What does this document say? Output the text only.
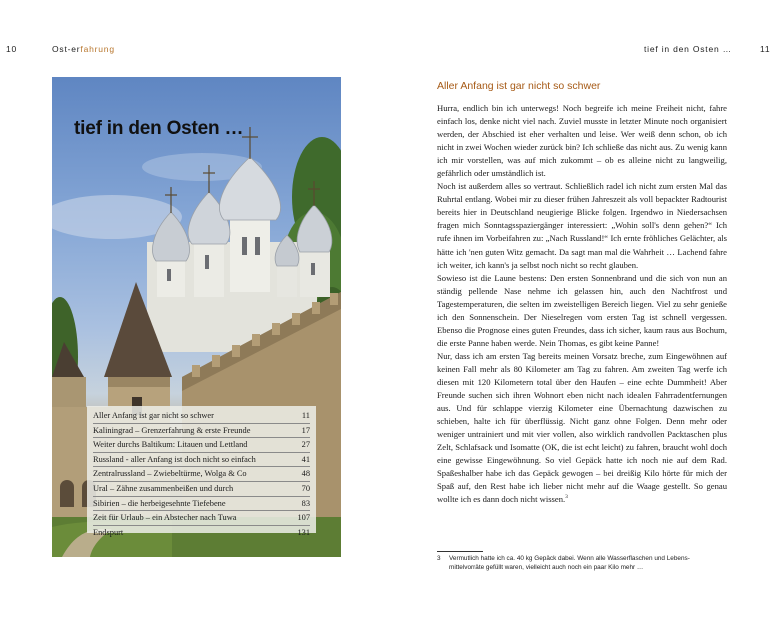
10	Ost-erfahrung	tief in den Osten …	11
tief in den Osten …
Aller Anfang ist gar nicht so schwer	11
Kaliningrad – Grenzerfahrung & erste Freunde	17
Weiter durchs Baltikum: Litauen und Lettland	27
Russland - aller Anfang ist doch nicht so einfach	41
Zentralrussland – Zwiebeltürme, Wolga & Co	48
Ural – Zähne zusammenbeißen und durch	70
Sibirien – die herbeigesehnte Tiefebene	83
Zeit für Urlaub – ein Abstecher nach Tuwa	107
Endspurt	131
Aller Anfang ist gar nicht so schwer

Hurra, endlich bin ich unterwegs! Noch begreife ich meine Freiheit nicht, fahre einfach los, denke nicht viel nach. Zuviel musste in letzter Minute noch organisiert werden, der Abschied ist eher verhalten und leise. Wer weiß denn schon, ob ich nicht in zwei Wochen wieder zurück bin? Ich schließe das nicht aus. Zu wenig kann ich mir vorstellen, was auf mich zukommt – ob es alleine nicht zu langweilig, gefährlich oder umständlich ist.

Noch ist außerdem alles so vertraut. Schließlich radel ich nicht zum ersten Mal das Ruhrtal entlang. Wobei mir zu dieser frühen Jahreszeit als voll bepackter Radtourist bereits hier in Deutschland neugierige Blicke folgen. Irgendwo in Niedersachsen fragen mich Sonntagsspaziergänger interessiert: „Wohin soll's denn gehen?“ Ich rufe ihnen im Vorbeifahren zu: „Nach Russland!“ Ich ernte fröhliches Gelächter, als hätte ich 'nen guten Witz gemacht. Da sagt man mal die Wahrheit … Lachend fahre ich weiter, ich kann's ja selbst noch nicht so recht glauben.

Sowieso ist die Laune bestens: Den ersten Sonnenbrand und die sich von nun an ständig pellende Nase nehme ich gelassen hin, auch den Nachtfrost und Tagestemperaturen, die selten im zweistelligen Bereich liegen. Viel zu sehr genieße ich den Sonnenschein. Der Nieselregen vom ersten Tag ist schnell vergessen. Ebenso die Prognose eines guten Freundes, dass ich sicher, kaum raus aus Bochum, die erste Panne haben werde. Nein Thomas, es gibt keine Panne!

Nur, dass ich am ersten Tag bereits meinen Vorsatz breche, zum Eingewöhnen auf keinen Fall mehr als 80 Kilometer am Tag zu fahren. Am zweiten Tag werfe ich diesen mit 120 Kilometern total über den Haufen – eine echte Dummheit! Aber Freunde suchen sich ihren Wohnort eben nicht nach idealen Fahrradentfernungen aus. Und für schlappe vierzig Kilometer eine Übernachtung dazwischen zu schieben, halte ich für überflüssig. Nicht ganz ohne Folgen. Denn mehr oder weniger untrainiert und mit vier vollen, also wirklich randvollen Packtaschen plus Zelt, Schlafsack und Isomatte (OK, die ist echt leicht) zu fahren, braucht wohl doch eine gewisse Eingewöhnung. So viel Gepäck hatte ich noch nie auf dem Rad. Spaßeshalber habe ich das Gepäck gewogen – bei dreißig Kilo hörte für mich der Spaß auf, den Rest habe ich lieber nicht mehr auf die Waage gestellt. So genau wollte ich es dann doch nicht wissen.$^3$

3 Vermutlich hatte ich ca. 40 kg Gepäck dabei. Wenn alle Wasserflaschen und Lebens-
mittelvorräte gefüllt waren, vielleicht auch noch ein paar Kilo mehr …
